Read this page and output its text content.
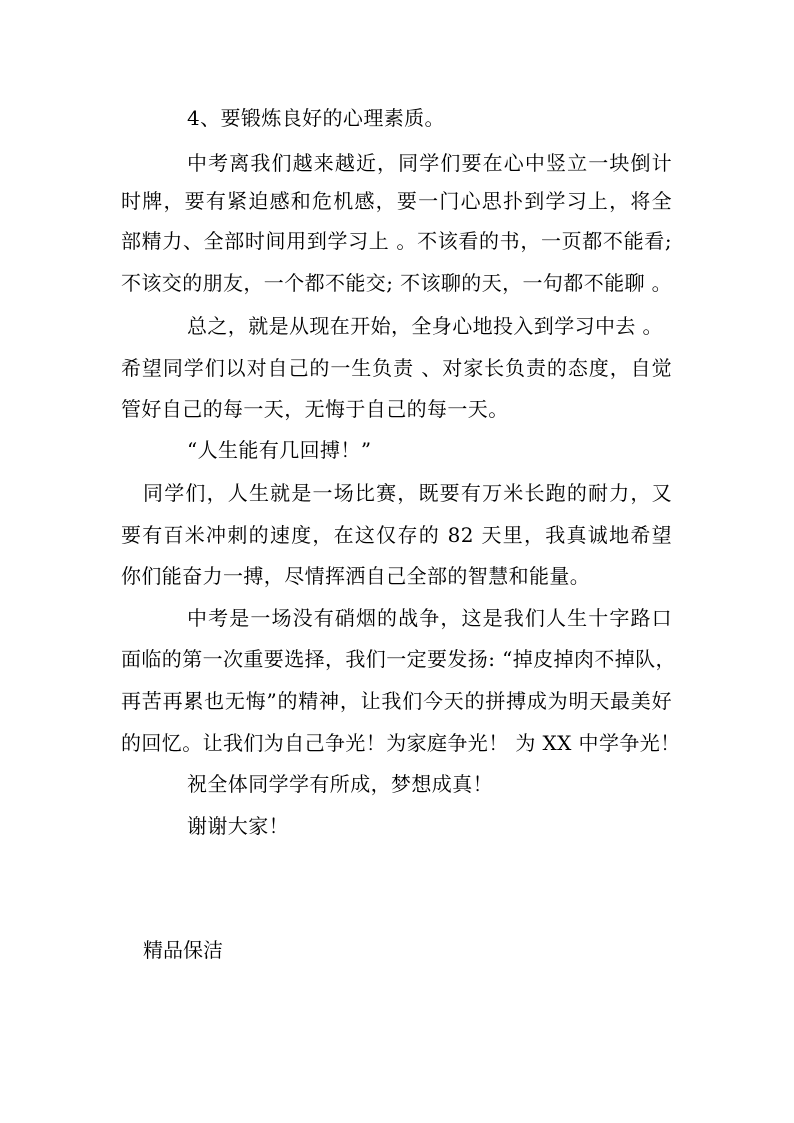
4、要锻炼良好的心理素质。
中考离我们越来越近，同学们要在心中竖立一块倒计
时牌，要有紧迫感和危机感，要一门心思扑到学习上，将全
部精力、全部时间用到学习上 。不该看的书，一页都不能看;
不该交的朋友，一个都不能交; 不该聊的天，一句都不能聊 。
总之，就是从现在开始，全身心地投入到学习中去 。
希望同学们以对自己的一生负责 、对家长负责的态度，自觉
管好自己的每一天，无悔于自己的每一天。
“人生能有几回搏！”
同学们，人生就是一场比赛，既要有万米长跑的耐力，又
要有百米冲刺的速度，在这仅存的 82 天里，我真诚地希望
你们能奋力一搏，尽情挥洒自己全部的智慧和能量。
中考是一场没有硝烟的战争，这是我们人生十字路口
面临的第一次重要选择，我们一定要发扬: “掉皮掉肉不掉队，
再苦再累也无悔”的精神，让我们今天的拼搏成为明天最美好
的回忆。让我们为自己争光！为家庭争光！ 为 XX 中学争光！
祝全体同学学有所成，梦想成真！
谢谢大家！
精品保洁
